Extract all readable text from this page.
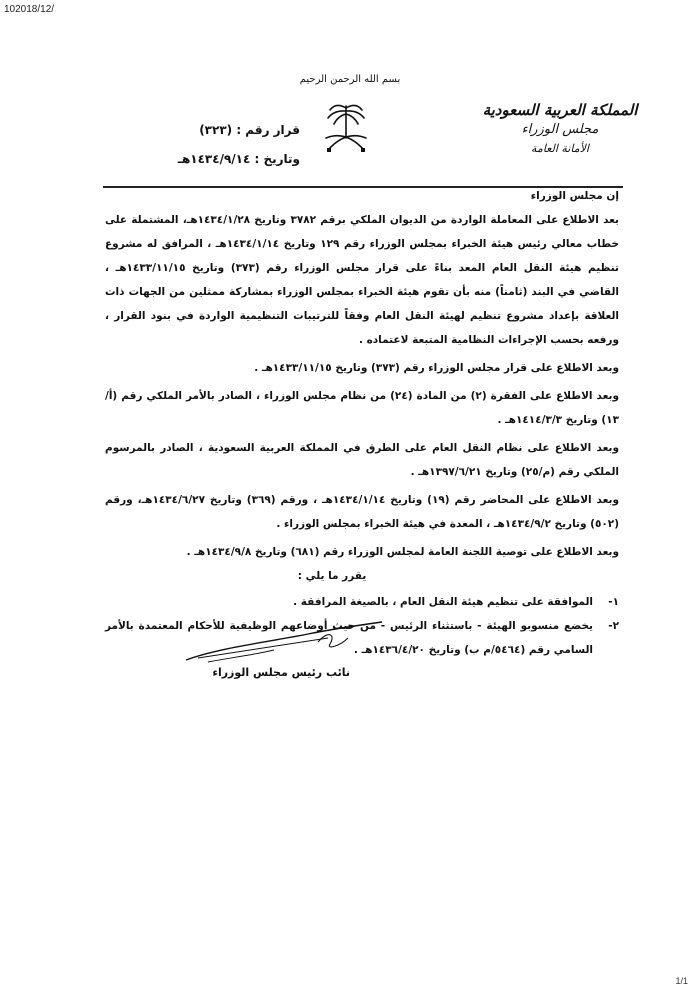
102018/12/
بسم الله الرحمن الرحيم
المملكة العربية السعودية
مجلس الوزراء
الأمانة العامة
قرار رقم : (٣٢٣)
وتاريخ : ١٤٣٤/٩/١٤هـ

إن مجلس الوزراء

بعد الاطلاع على المعاملة الواردة من الديوان الملكي برقم ٣٧٨٢ وتاريخ ١٤٣٤/١/٢٨هـ، المشتملة على خطاب معالي رئيس هيئة الخبراء بمجلس الوزراء رقم ١٢٩ وتاريخ ١٤٣٤/١/١٤هـ ، المرافق له مشروع تنظيم هيئة النقل العام المعد بناءً على قرار مجلس الوزراء رقم (٣٧٣) وتاريخ ١٤٣٣/١١/١٥هـ ، القاضي في البند (ثامناً) منه بأن تقوم هيئة الخبراء بمجلس الوزراء بمشاركة ممثلين من الجهات ذات العلاقة بإعداد مشروع تنظيم لهيئة النقل العام وفقاً للترتيبات التنظيمية الواردة في بنود القرار ، ورفعه بحسب الإجراءات النظامية المتبعة لاعتماده .

وبعد الاطلاع على قرار مجلس الوزراء رقم (٣٧٣) وتاريخ ١٤٣٣/١١/١٥هـ .

وبعد الاطلاع على الفقرة (٢) من المادة (٢٤) من نظام مجلس الوزراء ، الصادر بالأمر الملكي رقم (أ/١٣) وتاريخ ١٤١٤/٣/٣هـ .

وبعد الاطلاع على نظام النقل العام على الطرق في المملكة العربية السعودية ، الصادر بالمرسوم الملكي رقم (م/٢٥) وتاريخ ١٣٩٧/٦/٢١هـ .

وبعد الاطلاع على المحاضر رقم (١٩) وتاريخ ١٤٣٤/١/١٤هـ ، ورقم (٣٦٩) وتاريخ ١٤٣٤/٦/٢٧هـ، ورقم (٥٠٢) وتاريخ ١٤٣٤/٩/٢هـ ، المعدة في هيئة الخبراء بمجلس الوزراء .

وبعد الاطلاع على توصية اللجنة العامة لمجلس الوزراء رقم (٦٨١) وتاريخ ١٤٣٤/٩/٨هـ .

يقرر ما يلي :

١-
الموافقة على تنظيم هيئة النقل العام ، بالصيغة المرافقة .
٢-
يخضع منسوبو الهيئة - باستثناء الرئيس - من حيث أوضاعهم الوظيفية للأحكام المعتمدة بالأمر السامي رقم (٥٤٦٤/م ب) وتاريخ ١٤٣٦/٤/٢٠هـ .
نائب رئيس مجلس الوزراء
1/1
